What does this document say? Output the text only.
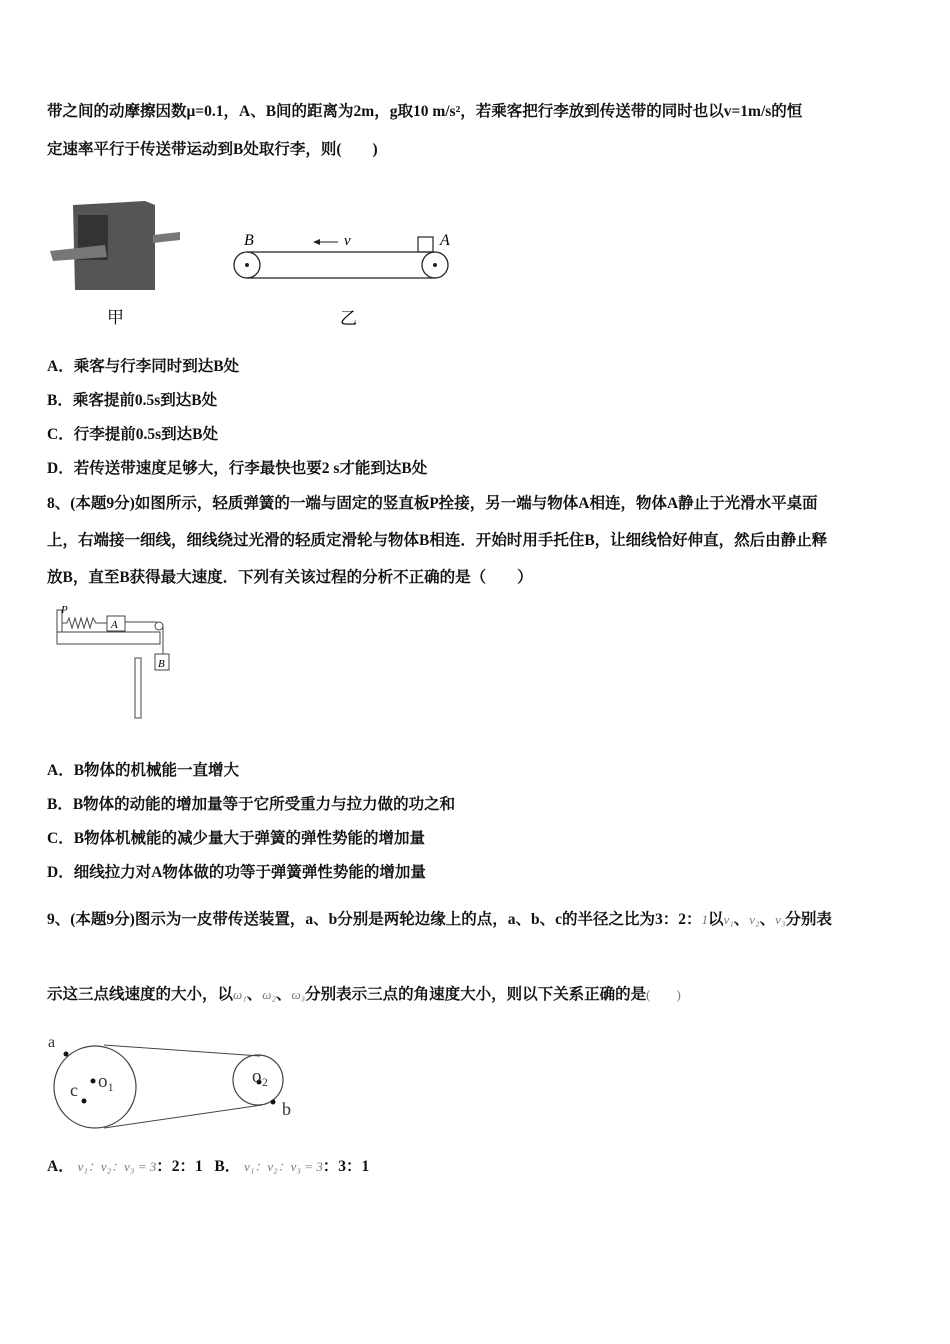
带之间的动摩擦因数μ=0.1，A、B间的距离为2m，g取10 m/s²，若乘客把行李放到传送带的同时也以v=1m/s的恒
定速率平行于传送带运动到B处取行李，则(　　)
甲
B	A
v
乙
A．乘客与行李同时到达B处
B．乘客提前0.5s到达B处
C．行李提前0.5s到达B处
D．若传送带速度足够大，行李最快也要2 s才能到达B处
8、(本题9分)如图所示，轻质弹簧的一端与固定的竖直板P拴接，另一端与物体A相连，物体A静止于光滑水平桌面
上，右端接一细线，细线绕过光滑的轻质定滑轮与物体B相连．开始时用手托住B，让细线恰好伸直，然后由静止释
放B，直至B获得最大速度．下列有关该过程的分析不正确的是（　　）
P
A
B
A．B物体的机械能一直增大
B．B物体的动能的增加量等于它所受重力与拉力做的功之和
C．B物体机械能的减少量大于弹簧的弹性势能的增加量
D．细线拉力对A物体做的功等于弹簧弹性势能的增加量
9、(本题9分)图示为一皮带传送装置，a、b分别是两轮边缘上的点，a、b、c的半径之比为3：2：1以v₁、v₂、v₃分别表
示这三点线速度的大小，以ω₁、ω₂、ω₃分别表示三点的角速度大小，则以下关系正确的是(　　)
a
c o₁	o₂
b
A． v₁：v₂：v₃ = 3：2：1 B． v₁：v₂：v₃ = 3：3：1
